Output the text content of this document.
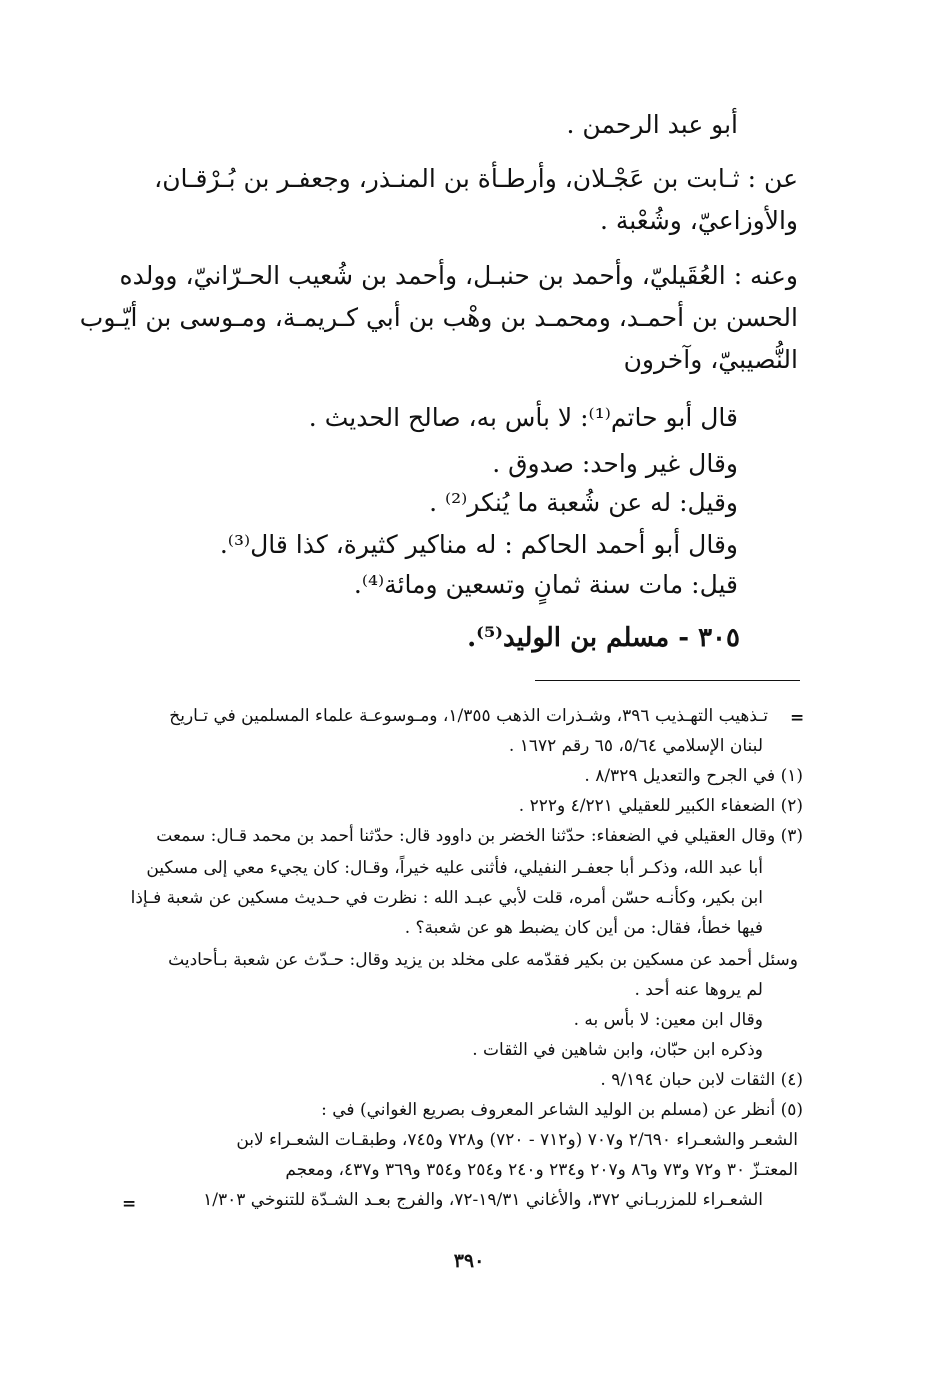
أبو عبد الرحمن .
عن : ثـابت بن عَجْـلان، وأرطـأة بن المنـذر، وجعفـر بن بُـرْقـان،
والأوزاعيّ، وشُعْبة .
وعنه : العُقَيليّ، وأحمد بن حنبـل، وأحمد بن شُعيب الحـرّانيّ، وولده
الحسن بن أحمـد، ومحمـد بن وهْب بن أبي كـريمـة، ومـوسى بن أيّـوب
النُّصيبيّ، وآخرون
قال أبو حاتم⁽¹⁾: لا بأس به، صالح الحديث .
وقال غير واحد: صدوق .
وقيل: له عن شُعبة ما يُنكر⁽²⁾ .
وقال أبو أحمد الحاكم : له مناكير كثيرة، كذا قال⁽³⁾.
قيل: مات سنة ثمانٍ وتسعين ومائة⁽⁴⁾.
٣٠٥ - مسلم بن الوليد⁽⁵⁾.
=
تـذهيب التهـذيب ٣٩٦، وشـذرات الذهب ١/٣٥٥، ومـوسوعـة علماء المسلمين في تـاريخ
لبنان الإسلامي ٥/٦٤، ٦٥ رقم ١٦٧٢ .
(١) في الجرح والتعديل ٨/٣٢٩ .
(٢) الضعفاء الكبير للعقيلي ٤/٢٢١ و٢٢٢ .
(٣) وقال العقيلي في الضعفاء: حدّثنا الخضر بن داوود قال: حدّثنا أحمد بن محمد قـال: سمعت
أبا عبد الله، وذكـر أبا جعفـر النفيلي، فأثنى عليه خيراً، وقـال: كان يجيء معي إلى مسكين
ابن بكير، وكأنـه حسّن أمره، قلت لأبي عبـد الله : نظرت في حـديث مسكين عن شعبة فـإذا
فيها خطأ، فقال: من أين كان يضبط هو عن شعبة؟ .
وسئل أحمد عن مسكين بن بكير فقدّمه على مخلد بن يزيد وقال: حـدّث عن شعبة بـأحاديث
لم يروها عنه أحد .
وقال ابن معين: لا بأس به .
وذكره ابن حبّان، وابن شاهين في الثقات .
(٤) الثقات لابن حبان ٩/١٩٤ .
(٥) أنظر عن (مسلم بن الوليد الشاعر المعروف بصريع الغواني) في :
الشعـر والشعـراء ٢/٦٩٠ و٧٠٧ (و٧١٢ - ٧٢٠) و٧٢٨ و٧٤٥، وطبقـات الشعـراء لابن
المعتـزّ ٣٠ و٧٢ و٧٣ و٨٦ و٢٠٧ و٢٣٤ و٢٤٠ و٢٥٤ و٣٥٤ و٣٦٩ و٤٣٧، ومعجم
الشعـراء للمزربـاني ٣٧٢، والأغاني ١٩/٣١-٧٢، والفرج بعـد الشـدّة للتنوخي ١/٣٠٣
=
٣٩٠
